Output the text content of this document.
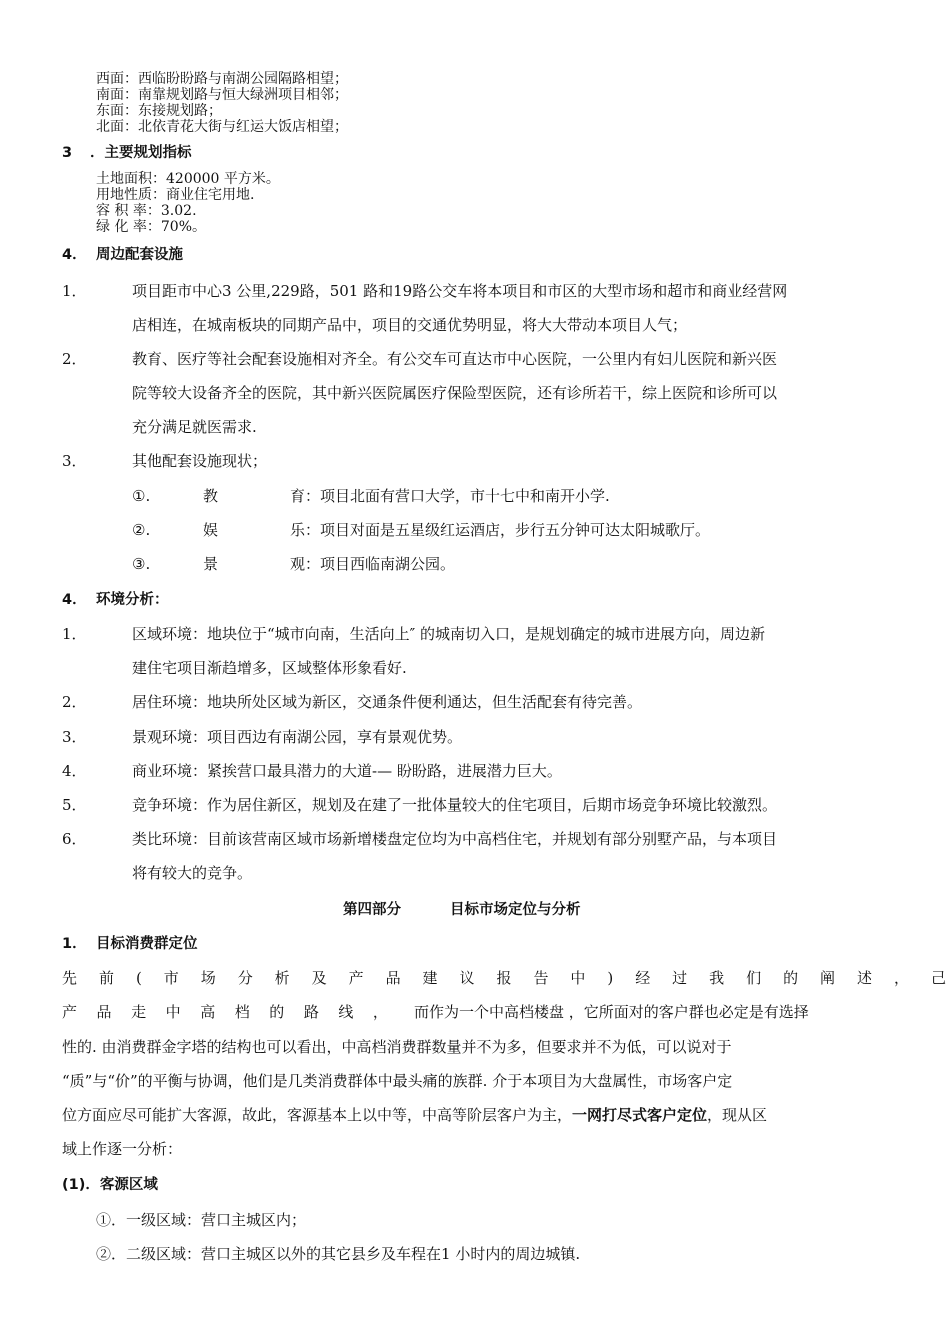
西面：西临盼盼路与南湖公园隔路相望；
南面：南靠规划路与恒大绿洲项目相邻；
东面：东接规划路；
北面：北依青花大街与红运大饭店相望；
3 ．主要规划指标
土地面积：420000 平方米。
用地性质：商业住宅用地.
容 积 率：3.02.
绿 化 率：70%。
4． 周边配套设施
1．	项目距市中心3 公里,229路，501 路和19路公交车将本项目和市区的大型市场和超市和商业经营网
店相连，在城南板块的同期产品中，项目的交通优势明显，将大大带动本项目人气；
2．	教育、医疗等社会配套设施相对齐全。有公交车可直达市中心医院，一公里内有妇儿医院和新兴医
院等较大设备齐全的医院，其中新兴医院属医疗保险型医院，还有诊所若干，综上医院和诊所可以
充分满足就医需求.
3．	其他配套设施现状；
①.	教	育：项目北面有营口大学，市十七中和南开小学.
②.	娱	乐：项目对面是五星级红运酒店，步行五分钟可达太阳城歌厅。
③.	景	观：项目西临南湖公园。
4． 环境分析：
1．	区域环境：地块位于“城市向南，生活向上″ 的城南切入口，是规划确定的城市进展方向，周边新
建住宅项目渐趋增多，区域整体形象看好.
2．	居住环境：地块所处区域为新区，交通条件便利通达，但生活配套有待完善。
3．	景观环境：项目西边有南湖公园，享有景观优势。
4．	商业环境：紧挨营口最具潜力的大道-— 盼盼路，进展潜力巨大。
5．	竞争环境：作为居住新区，规划及在建了一批体量较大的住宅项目，后期市场竞争环境比较激烈。
6．	类比环境：目前该营南区域市场新增楼盘定位均为中高档住宅，并规划有部分别墅产品，与本项目
将有较大的竞争。
第四部分	目标市场定位与分析
1． 目标消费群定位
先 前 ( 市 场 分 析 及 产 品 建 议 报 告 中 ) 经 过 我 们 的 阐 述 ， 己
产 品 走 中 高 档 的 路 线 ， 而作为一个中高档楼盘 ，它所面对的客户群也必定是有选择
性的. 由消费群金字塔的结构也可以看出，中高档消费群数量并不为多，但要求并不为低，可以说对于
“质”与“价”的平衡与协调，他们是几类消费群体中最头痛的族群. 介于本项目为大盘属性，市场客户定
位方面应尽可能扩大客源，故此，客源基本上以中等，中高等阶层客户为主，一网打尽式客户定位，现从区
域上作逐一分析：
(1)．客源区域
①．一级区域：营口主城区内；
②．二级区域：营口主城区以外的其它县乡及车程在1 小时内的周边城镇.
